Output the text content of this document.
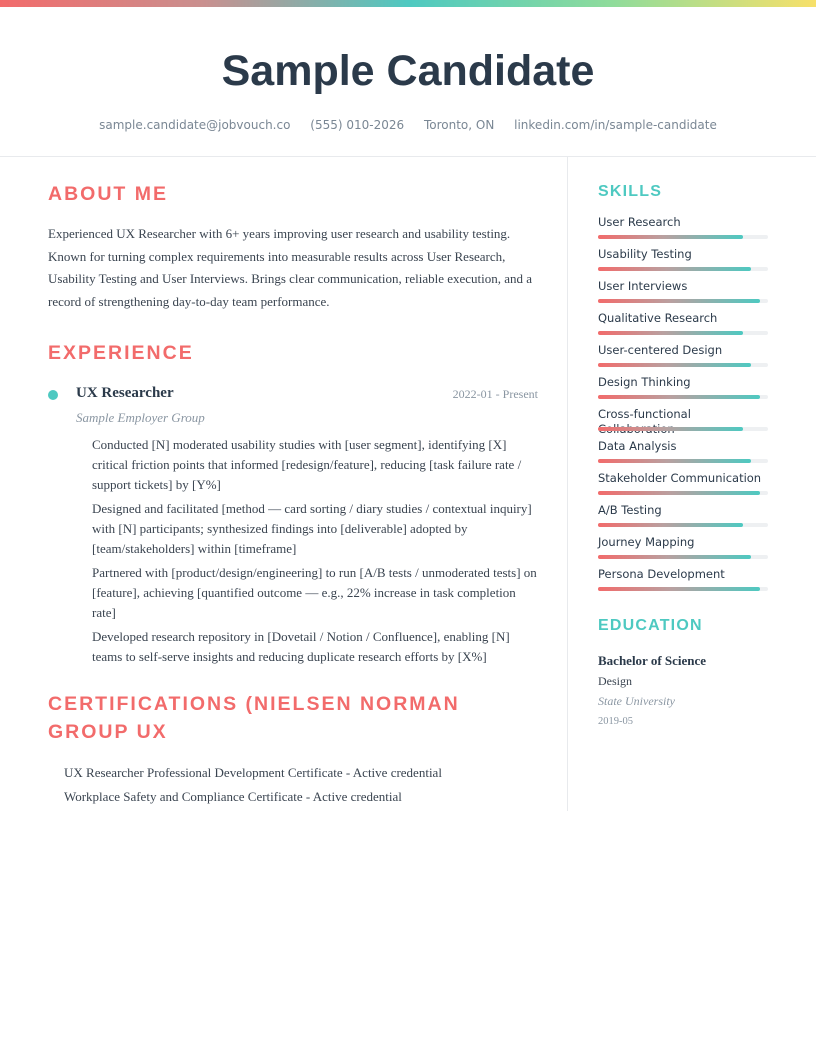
Sample Candidate
sample.candidate@jobvouch.co (555) 010-2026 Toronto, ON linkedin.com/in/sample-candidate
ABOUT ME
Experienced UX Researcher with 6+ years improving user research and usability testing. Known for turning complex requirements into measurable results across User Research, Usability Testing and User Interviews. Brings clear communication, reliable execution, and a record of strengthening day-to-day team performance.
EXPERIENCE
UX Researcher	2022-01 - Present
Sample Employer Group
Conducted [N] moderated usability studies with [user segment], identifying [X] critical friction points that informed [redesign/feature], reducing [task failure rate / support tickets] by [Y%]
Designed and facilitated [method — card sorting / diary studies / contextual inquiry] with [N] participants; synthesized findings into [deliverable] adopted by [team/stakeholders] within [timeframe]
Partnered with [product/design/engineering] to run [A/B tests / unmoderated tests] on [feature], achieving [quantified outcome — e.g., 22% increase in task completion rate]
Developed research repository in [Dovetail / Notion / Confluence], enabling [N] teams to self-serve insights and reducing duplicate research efforts by [X%]
CERTIFICATIONS (NIELSEN NORMAN GROUP UX
UX Researcher Professional Development Certificate - Active credential
Workplace Safety and Compliance Certificate - Active credential
SKILLS
User Research
Usability Testing
User Interviews
Qualitative Research
User-centered Design
Design Thinking
Cross-functional
Data Analysis
Stakeholder Communication
A/B Testing
Journey Mapping
Persona Development
EDUCATION
Bachelor of Science
Design
State University
2019-05
